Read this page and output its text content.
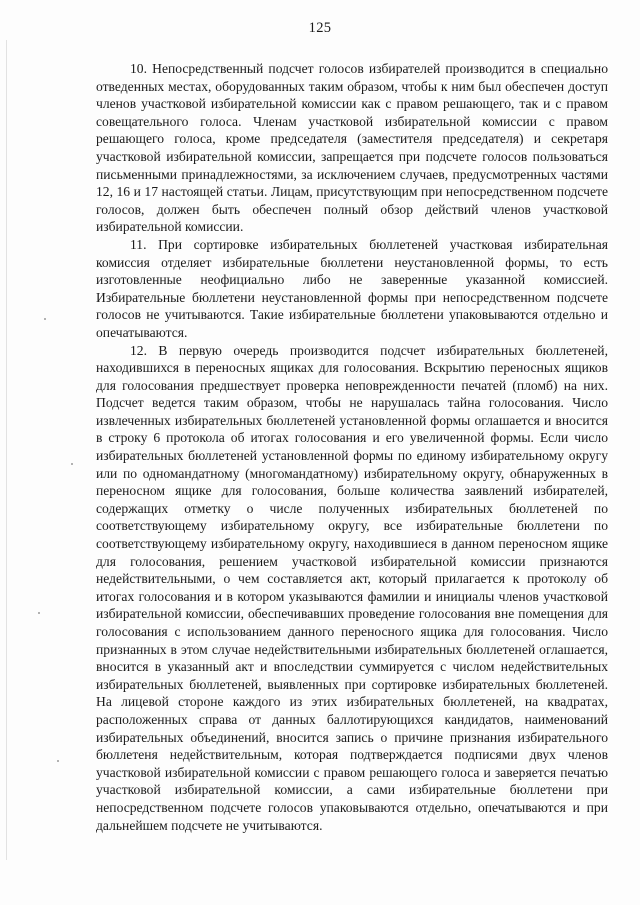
125

10. Непосредственный подсчет голосов избирателей производится в специально отведенных местах, оборудованных таким образом, чтобы к ним был обеспечен доступ членов участковой избирательной комиссии как с правом решающего, так и с правом совещательного голоса. Членам участковой избирательной комиссии с правом решающего голоса, кроме председателя (заместителя председателя) и секретаря участковой избирательной комиссии, запрещается при подсчете голосов пользоваться письменными принадлежностями, за исключением случаев, предусмотренных частями 12, 16 и 17 настоящей статьи. Лицам, присутствующим при непосредственном подсчете голосов, должен быть обеспечен полный обзор действий членов участковой избирательной комиссии.

11. При сортировке избирательных бюллетеней участковая избирательная комиссия отделяет избирательные бюллетени неустановленной формы, то есть изготовленные неофициально либо не заверенные указанной комиссией. Избирательные бюллетени неустановленной формы при непосредственном подсчете голосов не учитываются. Такие избирательные бюллетени упаковываются отдельно и опечатываются.

12. В первую очередь производится подсчет избирательных бюллетеней, находившихся в переносных ящиках для голосования. Вскрытию переносных ящиков для голосования предшествует проверка неповрежденности печатей (пломб) на них. Подсчет ведется таким образом, чтобы не нарушалась тайна голосования. Число извлеченных избирательных бюллетеней установленной формы оглашается и вносится в строку 6 протокола об итогах голосования и его увеличенной формы. Если число избирательных бюллетеней установленной формы по единому избирательному округу или по одномандатному (многомандатному) избирательному округу, обнаруженных в переносном ящике для голосования, больше количества заявлений избирателей, содержащих отметку о числе полученных избирательных бюллетеней по соответствующему избирательному округу, все избирательные бюллетени по соответствующему избирательному округу, находившиеся в данном переносном ящике для голосования, решением участковой избирательной комиссии признаются недействительными, о чем составляется акт, который прилагается к протоколу об итогах голосования и в котором указываются фамилии и инициалы членов участковой избирательной комиссии, обеспечивавших проведение голосования вне помещения для голосования с использованием данного переносного ящика для голосования. Число признанных в этом случае недействительными избирательных бюллетеней оглашается, вносится в указанный акт и впоследствии суммируется с числом недействительных избирательных бюллетеней, выявленных при сортировке избирательных бюллетеней. На лицевой стороне каждого из этих избирательных бюллетеней, на квадратах, расположенных справа от данных баллотирующихся кандидатов, наименований избирательных объединений, вносится запись о причине признания избирательного бюллетеня недействительным, которая подтверждается подписями двух членов участковой избирательной комиссии с правом решающего голоса и заверяется печатью участковой избирательной комиссии, а сами избирательные бюллетени при непосредственном подсчете голосов упаковываются отдельно, опечатываются и при дальнейшем подсчете не учитываются.
